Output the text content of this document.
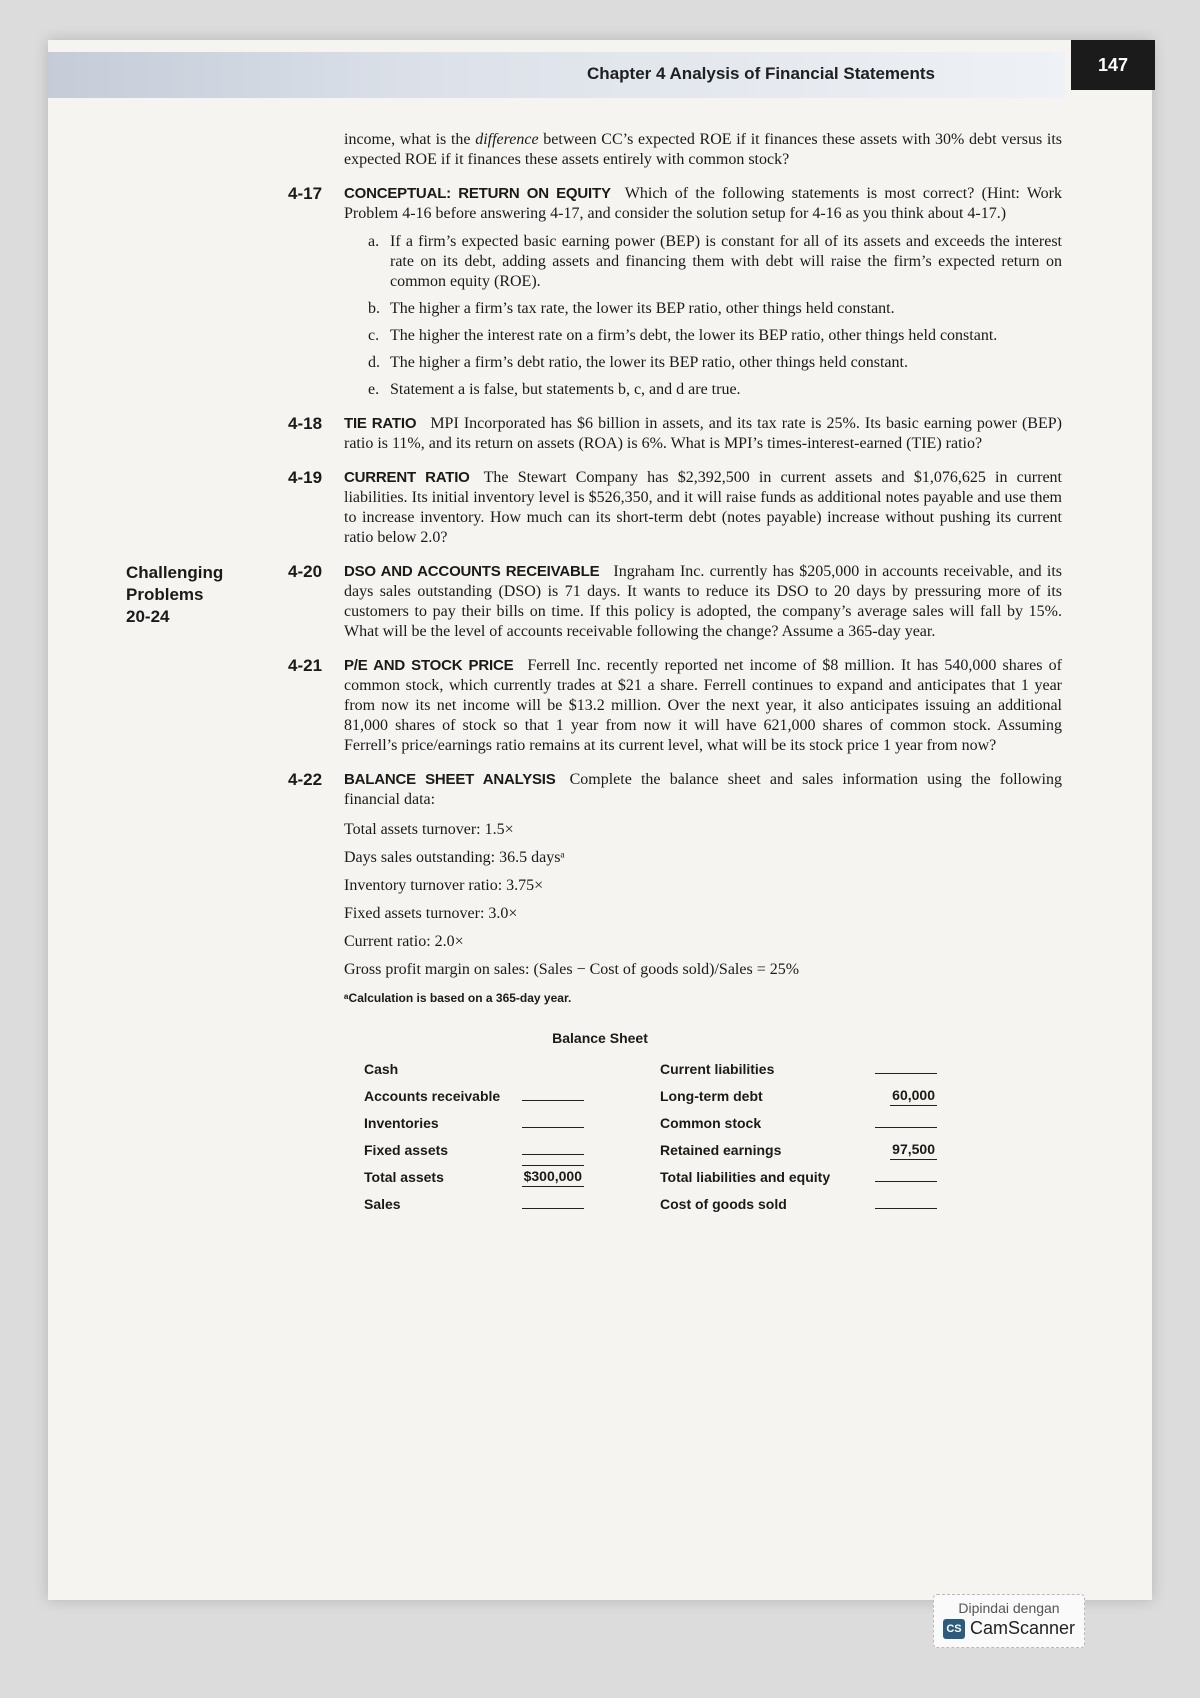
Chapter 4 Analysis of Financial Statements	147

income, what is the difference between CC’s expected ROE if it finances these assets with 30% debt versus its expected ROE if it finances these assets entirely with common stock?

4-17 CONCEPTUAL: RETURN ON EQUITY Which of the following statements is most correct? (Hint: Work Problem 4-16 before answering 4-17, and consider the solution setup for 4-16 as you think about 4-17.)
a. If a firm’s expected basic earning power (BEP) is constant for all of its assets and exceeds the interest rate on its debt, adding assets and financing them with debt will raise the firm’s expected return on common equity (ROE).
b. The higher a firm’s tax rate, the lower its BEP ratio, other things held constant.
c. The higher the interest rate on a firm’s debt, the lower its BEP ratio, other things held constant.
d. The higher a firm’s debt ratio, the lower its BEP ratio, other things held constant.
e. Statement a is false, but statements b, c, and d are true.
4-18 TIE RATIO MPI Incorporated has $6 billion in assets, and its tax rate is 25%. Its basic earning power (BEP) ratio is 11%, and its return on assets (ROA) is 6%. What is MPI’s times-interest-earned (TIE) ratio?
4-19 CURRENT RATIO The Stewart Company has $2,392,500 in current assets and $1,076,625 in current liabilities. Its initial inventory level is $526,350, and it will raise funds as additional notes payable and use them to increase inventory. How much can its short-term debt (notes payable) increase without pushing its current ratio below 2.0?
Challenging
Problems
20-24
4-20 DSO AND ACCOUNTS RECEIVABLE Ingraham Inc. currently has $205,000 in accounts receivable, and its days sales outstanding (DSO) is 71 days. It wants to reduce its DSO to 20 days by pressuring more of its customers to pay their bills on time. If this policy is adopted, the company’s average sales will fall by 15%. What will be the level of accounts receivable following the change? Assume a 365-day year.
4-21 P/E AND STOCK PRICE Ferrell Inc. recently reported net income of $8 million. It has 540,000 shares of common stock, which currently trades at $21 a share. Ferrell continues to expand and anticipates that 1 year from now its net income will be $13.2 million. Over the next year, it also anticipates issuing an additional 81,000 shares of stock so that 1 year from now it will have 621,000 shares of common stock. Assuming Ferrell’s price/earnings ratio remains at its current level, what will be its stock price 1 year from now?
4-22 BALANCE SHEET ANALYSIS Complete the balance sheet and sales information using the following financial data:
Total assets turnover: 1.5×
Days sales outstanding: 36.5 daysᵃ
Inventory turnover ratio: 3.75×
Fixed assets turnover: 3.0×
Current ratio: 2.0×
Gross profit margin on sales: (Sales − Cost of goods sold)/Sales = 25%
ᵃCalculation is based on a 365-day year.
Balance Sheet
Cash			Current liabilities	
Accounts receivable			Long-term debt	60,000
Inventories			Common stock	
Fixed assets			Retained earnings	97,500
Total assets	$300,000		Total liabilities and equity	
Sales			Cost of goods sold	
Dipindai dengan
CS CamScanner
